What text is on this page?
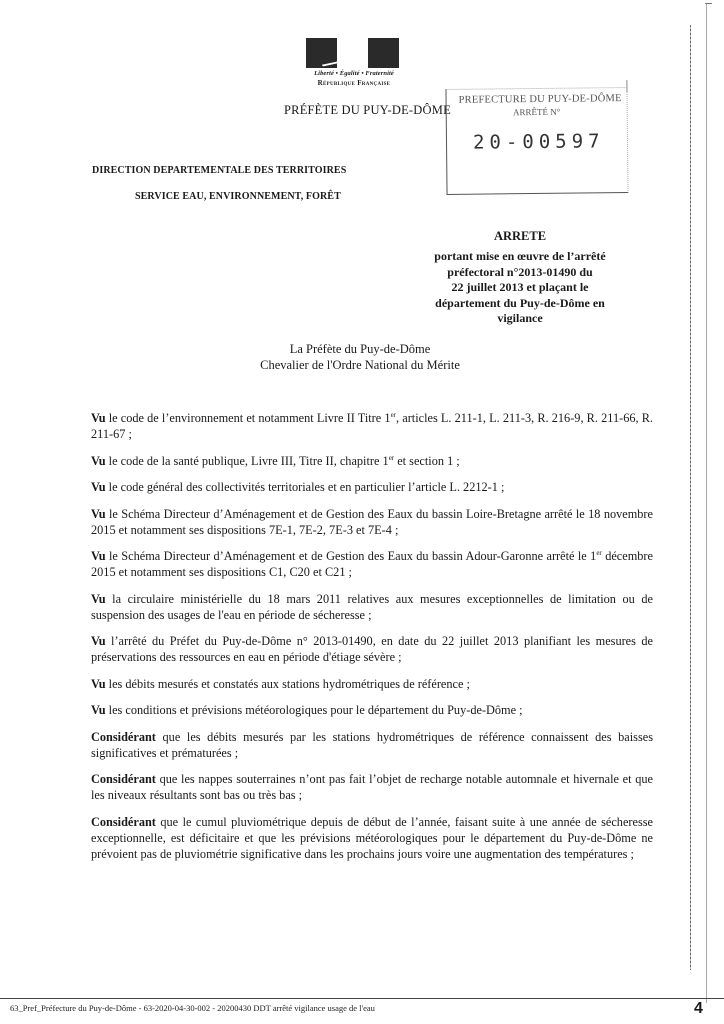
Liberté • Égalité • Fraternité
République Française
PRÉFÈTE DU PUY-DE-DÔME
PREFECTURE DU PUY-DE-DÔME
ARRÊTÉ N°
20-00597
DIRECTION DEPARTEMENTALE DES TERRITOIRES
SERVICE EAU, ENVIRONNEMENT, FORÊT
ARRETE
portant mise en œuvre de l’arrêté
préfectoral n°2013-01490 du
22 juillet 2013 et plaçant le
département du Puy-de-Dôme en
vigilance
La Préfète du Puy-de-Dôme
Chevalier de l'Ordre National du Mérite

Vu le code de l’environnement et notamment Livre II Titre 1er, articles L. 211-1, L. 211-3, R. 216-9, R. 211-66, R. 211-67 ;

Vu le code de la santé publique, Livre III, Titre II, chapitre 1er et section 1 ;

Vu le code général des collectivités territoriales et en particulier l’article L. 2212-1 ;

Vu le Schéma Directeur d’Aménagement et de Gestion des Eaux du bassin Loire-Bretagne arrêté le 18 novembre 2015 et notamment ses dispositions 7E-1, 7E-2, 7E-3 et 7E-4 ;

Vu le Schéma Directeur d’Aménagement et de Gestion des Eaux du bassin Adour-Garonne arrêté le 1er décembre 2015 et notamment ses dispositions C1, C20 et C21 ;

Vu la circulaire ministérielle du 18 mars 2011 relatives aux mesures exceptionnelles de limitation ou de suspension des usages de l'eau en période de sécheresse ;

Vu l’arrêté du Préfet du Puy-de-Dôme n° 2013-01490, en date du 22 juillet 2013 planifiant les mesures de préservations des ressources en eau en période d'étiage sévère ;

Vu les débits mesurés et constatés aux stations hydrométriques de référence ;

Vu les conditions et prévisions météorologiques pour le département du Puy-de-Dôme ;

Considérant que les débits mesurés par les stations hydrométriques de référence connaissent des baisses significatives et prématurées ;

Considérant que les nappes souterraines n’ont pas fait l’objet de recharge notable automnale et hivernale et que les niveaux résultants sont bas ou très bas ;

Considérant que le cumul pluviométrique depuis de début de l’année, faisant suite à une année de sécheresse exceptionnelle, est déficitaire et que les prévisions météorologiques pour le département du Puy-de-Dôme ne prévoient pas de pluviométrie significative dans les prochains jours voire une augmentation des températures ;

63_Pref_Préfecture du Puy-de-Dôme - 63-2020-04-30-002 - 20200430 DDT arrêté vigilance usage de l'eau	4
